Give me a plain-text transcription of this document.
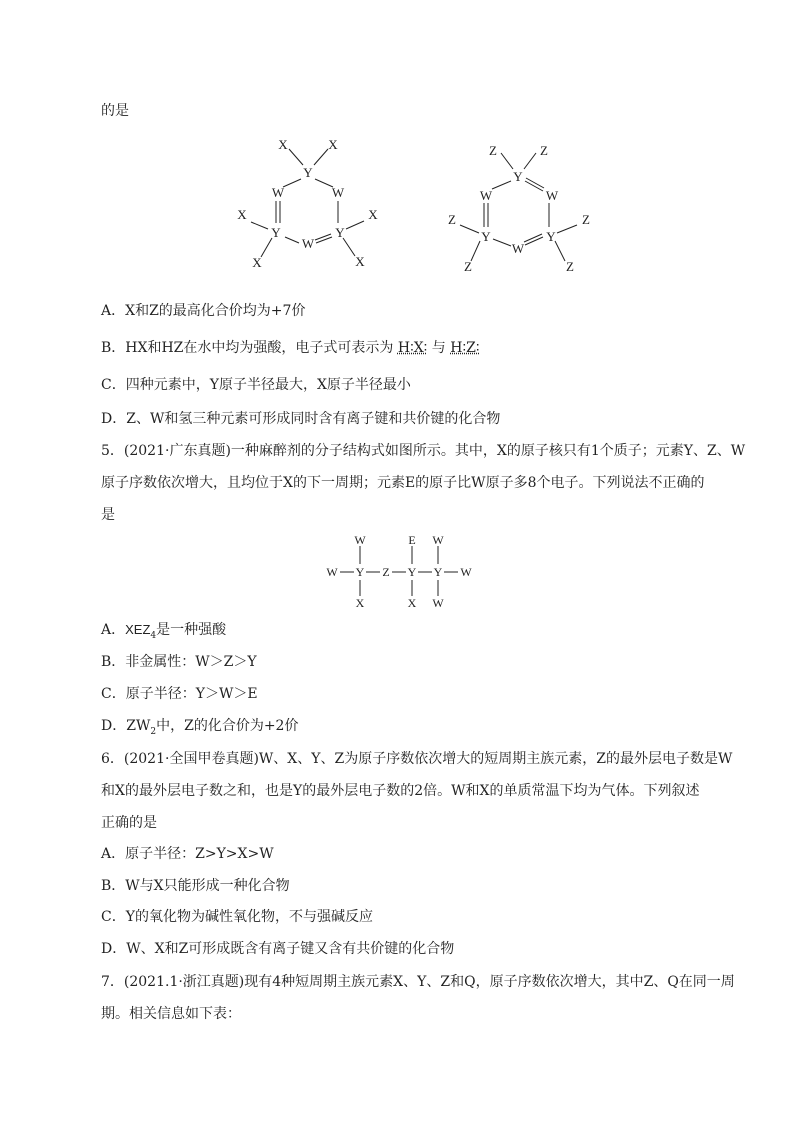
的是
X	X
Y
W	W
X
Y
W
Y
X
X	X
Z	Z
Y
W	W
Z
Y
W
Y
Z
Z	Z
A．X和Z的最高化合价均为+7价
B．HX和HZ在水中均为强酸，电子式可表示为 H∶X∶ 与 H∶Z∶
C．四种元素中，Y原子半径最大，X原子半径最小
D．Z、W和氢三种元素可形成同时含有离子键和共价键的化合物
5．(2021·广东真题)一种麻醉剂的分子结构式如图所示。其中，X的原子核只有1个质子；元素Y、Z、W
原子序数依次增大，且均位于X的下一周期；元素E的原子比W原子多8个电子。下列说法不正确的
是
W
W Y Z Y Y W
X
E W
X W
A．$XEZ_4$是一种强酸
B．非金属性：W＞Z＞Y
C．原子半径：Y＞W＞E
D．$ZW_2$中，Z的化合价为+2价
6．(2021·全国甲卷真题)W、X、Y、Z为原子序数依次增大的短周期主族元素，Z的最外层电子数是W
和X的最外层电子数之和，也是Y的最外层电子数的2倍。W和X的单质常温下均为气体。下列叙述
正确的是
A．原子半径：Z>Y>X>W
B．W与X只能形成一种化合物
C．Y的氧化物为碱性氧化物，不与强碱反应
D．W、X和Z可形成既含有离子键又含有共价键的化合物
7．(2021.1·浙江真题)现有4种短周期主族元素X、Y、Z和Q，原子序数依次增大，其中Z、Q在同一周
期。相关信息如下表：
